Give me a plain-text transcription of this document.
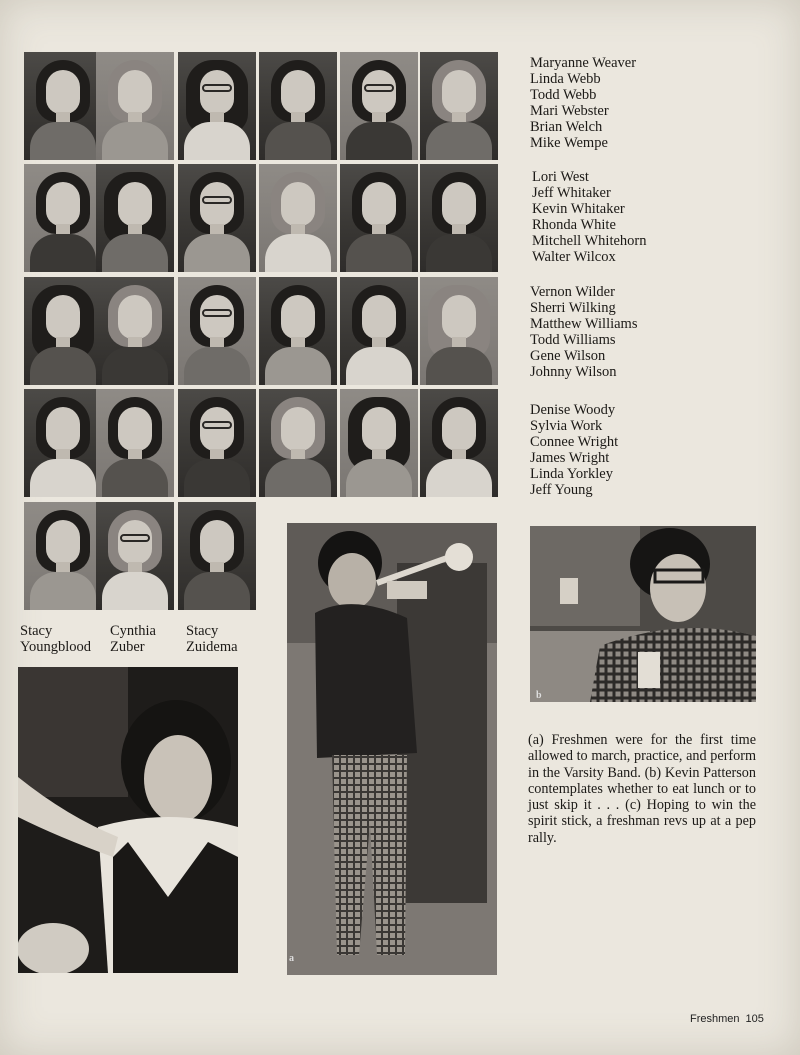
Maryanne Weaver
Linda Webb
Todd Webb
Mari Webster
Brian Welch
Mike Wempe
Lori West
Jeff Whitaker
Kevin Whitaker
Rhonda White
Mitchell Whitehorn
Walter Wilcox
Vernon Wilder
Sherri Wilking
Matthew Williams
Todd Williams
Gene Wilson
Johnny Wilson
Denise Woody
Sylvia Work
Connee Wright
James Wright
Linda Yorkley
Jeff Young
Stacy
Youngblood
Cynthia
Zuber
Stacy
Zuidema
a
b
(a) Freshmen were for the first time allowed to march, practice, and perform in the Varsity Band. (b) Kevin Patterson contemplates whether to eat lunch or to just skip it . . . (c) Hoping to win the spirit stick, a freshman revs up at a pep rally.
Freshmen 105
